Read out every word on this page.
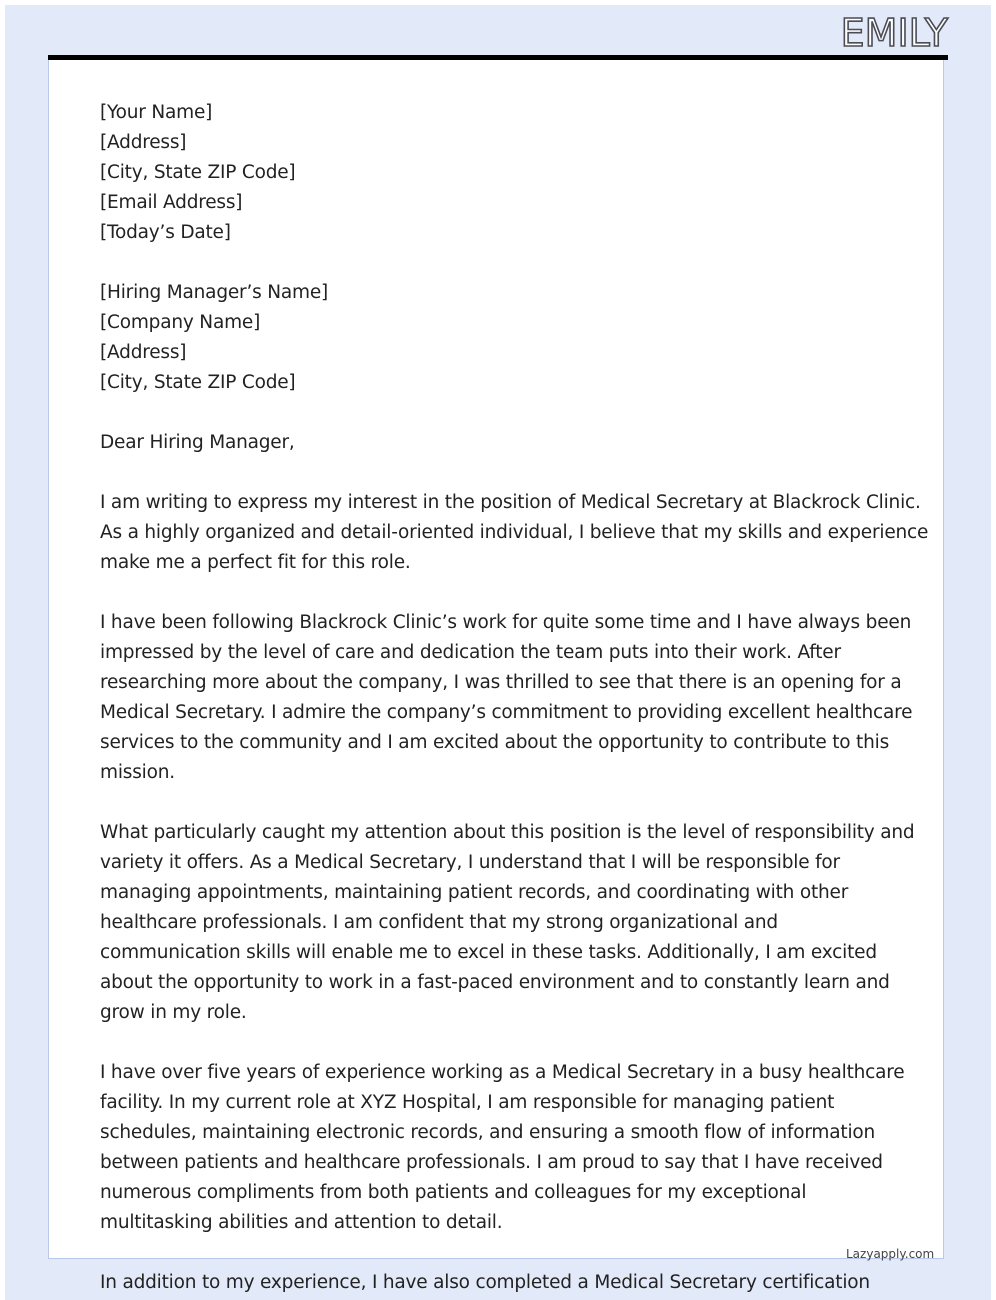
EMILY
[Your Name]
[Address]
[City, State ZIP Code]
[Email Address]
[Today’s Date]
[Hiring Manager’s Name]
[Company Name]
[Address]
[City, State ZIP Code]
Dear Hiring Manager,
I am writing to express my interest in the position of Medical Secretary at Blackrock Clinic.
As a highly organized and detail-oriented individual, I believe that my skills and experience
make me a perfect fit for this role.
I have been following Blackrock Clinic’s work for quite some time and I have always been
impressed by the level of care and dedication the team puts into their work. After
researching more about the company, I was thrilled to see that there is an opening for a
Medical Secretary. I admire the company’s commitment to providing excellent healthcare
services to the community and I am excited about the opportunity to contribute to this
mission.
What particularly caught my attention about this position is the level of responsibility and
variety it offers. As a Medical Secretary, I understand that I will be responsible for
managing appointments, maintaining patient records, and coordinating with other
healthcare professionals. I am confident that my strong organizational and
communication skills will enable me to excel in these tasks. Additionally, I am excited
about the opportunity to work in a fast-paced environment and to constantly learn and
grow in my role.
I have over five years of experience working as a Medical Secretary in a busy healthcare
facility. In my current role at XYZ Hospital, I am responsible for managing patient
schedules, maintaining electronic records, and ensuring a smooth flow of information
between patients and healthcare professionals. I am proud to say that I have received
numerous compliments from both patients and colleagues for my exceptional
multitasking abilities and attention to detail.
Lazyapply.com
In addition to my experience, I have also completed a Medical Secretary certification
